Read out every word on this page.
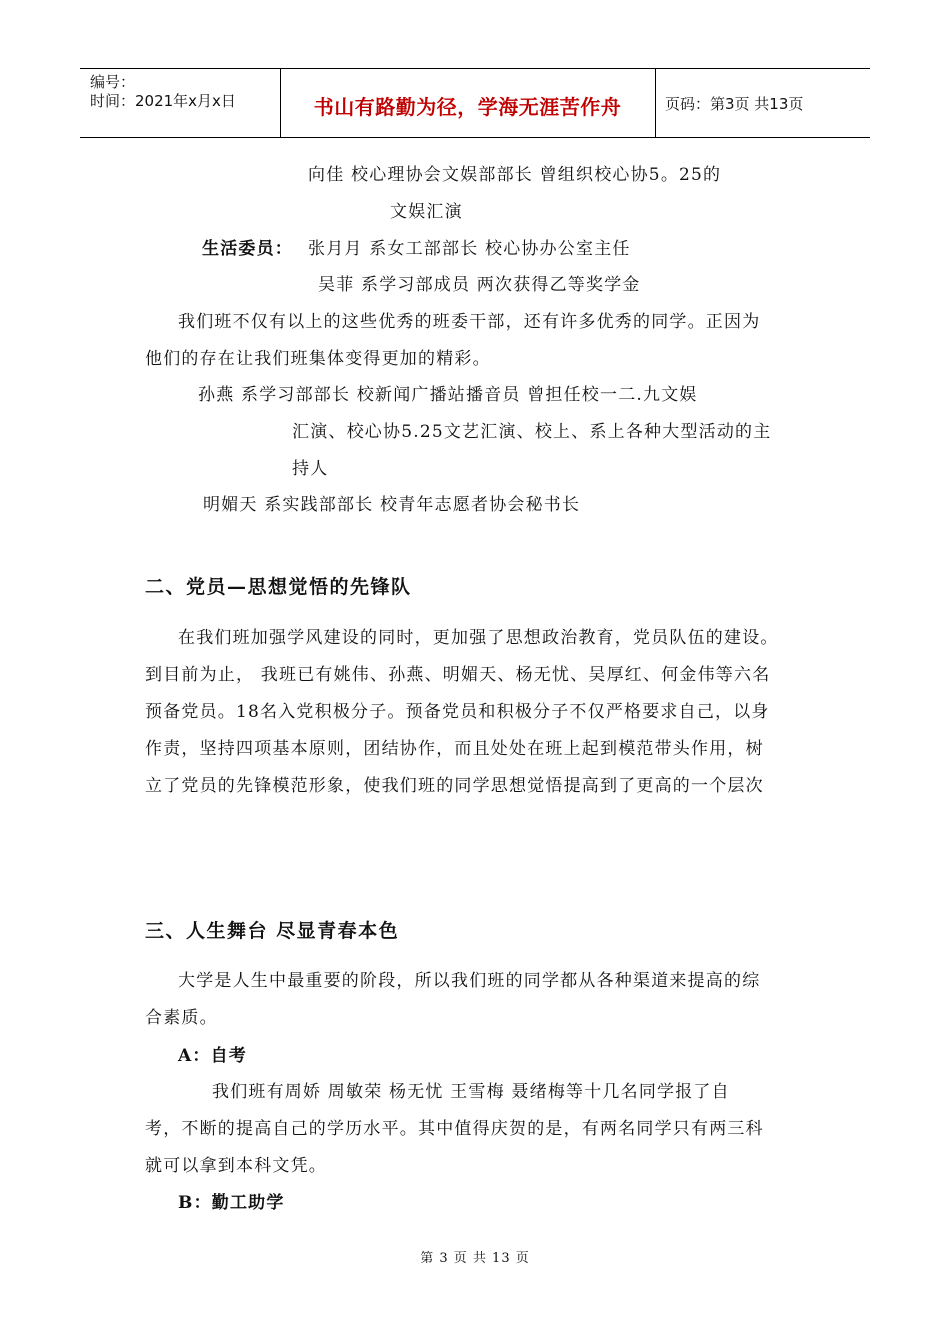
编号：
时间：2021年x月x日	书山有路勤为径，学海无涯苦作舟	页码：第3页 共13页
向佳 校心理协会文娱部部长 曾组织校心协5。25的
文娱汇演
生活委员： 张月月 系女工部部长 校心协办公室主任
吴菲 系学习部成员 两次获得乙等奖学金
我们班不仅有以上的这些优秀的班委干部，还有许多优秀的同学。正因为
他们的存在让我们班集体变得更加的精彩。
孙燕 系学习部部长 校新闻广播站播音员 曾担任校一二.九文娱
汇演、校心协5.25文艺汇演、校上、系上各种大型活动的主
持人
明媚天 系实践部部长 校青年志愿者协会秘书长
二、党员—思想觉悟的先锋队
在我们班加强学风建设的同时，更加强了思想政治教育，党员队伍的建设。
到目前为止， 我班已有姚伟、孙燕、明媚天、杨无忧、吴厚红、何金伟等六名
预备党员。18名入党积极分子。预备党员和积极分子不仅严格要求自己，以身
作责，坚持四项基本原则，团结协作，而且处处在班上起到模范带头作用，树
立了党员的先锋模范形象，使我们班的同学思想觉悟提高到了更高的一个层次
三、人生舞台 尽显青春本色
大学是人生中最重要的阶段，所以我们班的同学都从各种渠道来提高的综
合素质。
A：自考
我们班有周娇 周敏荣 杨无忧 王雪梅 聂绪梅等十几名同学报了自
考，不断的提高自己的学历水平。其中值得庆贺的是，有两名同学只有两三科
就可以拿到本科文凭。
B：勤工助学
第 3 页 共 13 页
